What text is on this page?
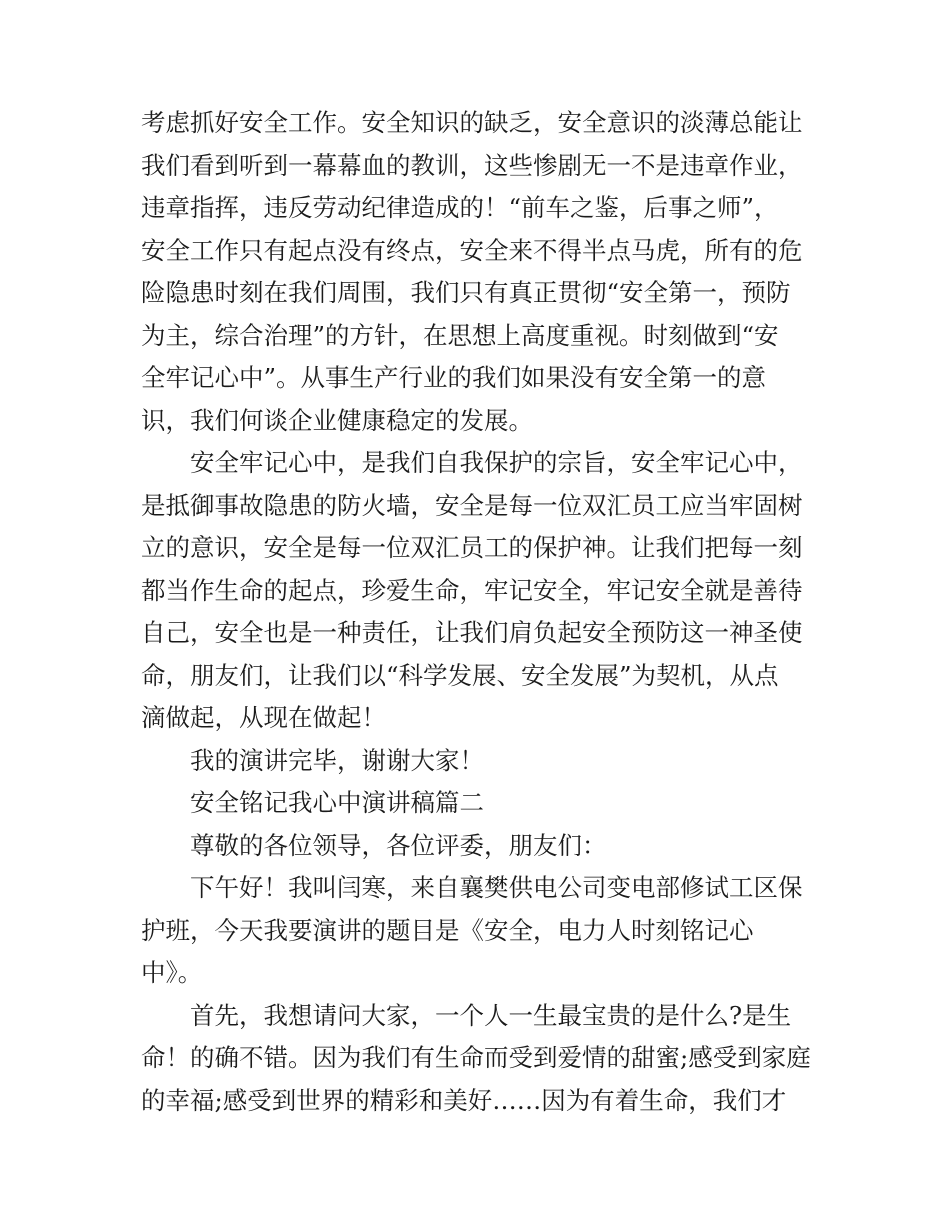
考虑抓好安全工作。安全知识的缺乏，安全意识的淡薄总能让
我们看到听到一幕幕血的教训，这些惨剧无一不是违章作业，
违章指挥，违反劳动纪律造成的！“前车之鉴，后事之师”，
安全工作只有起点没有终点，安全来不得半点马虎，所有的危
险隐患时刻在我们周围，我们只有真正贯彻“安全第一，预防
为主，综合治理”的方针，在思想上高度重视。时刻做到“安
全牢记心中”。从事生产行业的我们如果没有安全第一的意
识，我们何谈企业健康稳定的发展。
安全牢记心中，是我们自我保护的宗旨，安全牢记心中，
是抵御事故隐患的防火墙，安全是每一位双汇员工应当牢固树
立的意识，安全是每一位双汇员工的保护神。让我们把每一刻
都当作生命的起点，珍爱生命，牢记安全，牢记安全就是善待
自己，安全也是一种责任，让我们肩负起安全预防这一神圣使
命，朋友们，让我们以“科学发展、安全发展”为契机，从点
滴做起，从现在做起！
我的演讲完毕，谢谢大家！
安全铭记我心中演讲稿篇二
尊敬的各位领导，各位评委，朋友们：
下午好！我叫闫寒，来自襄樊供电公司变电部修试工区保
护班，今天我要演讲的题目是《安全，电力人时刻铭记心
中》。
首先，我想请问大家，一个人一生最宝贵的是什么?是生
命！的确不错。因为我们有生命而受到爱情的甜蜜;感受到家庭
的幸福;感受到世界的精彩和美好……因为有着生命，我们才
